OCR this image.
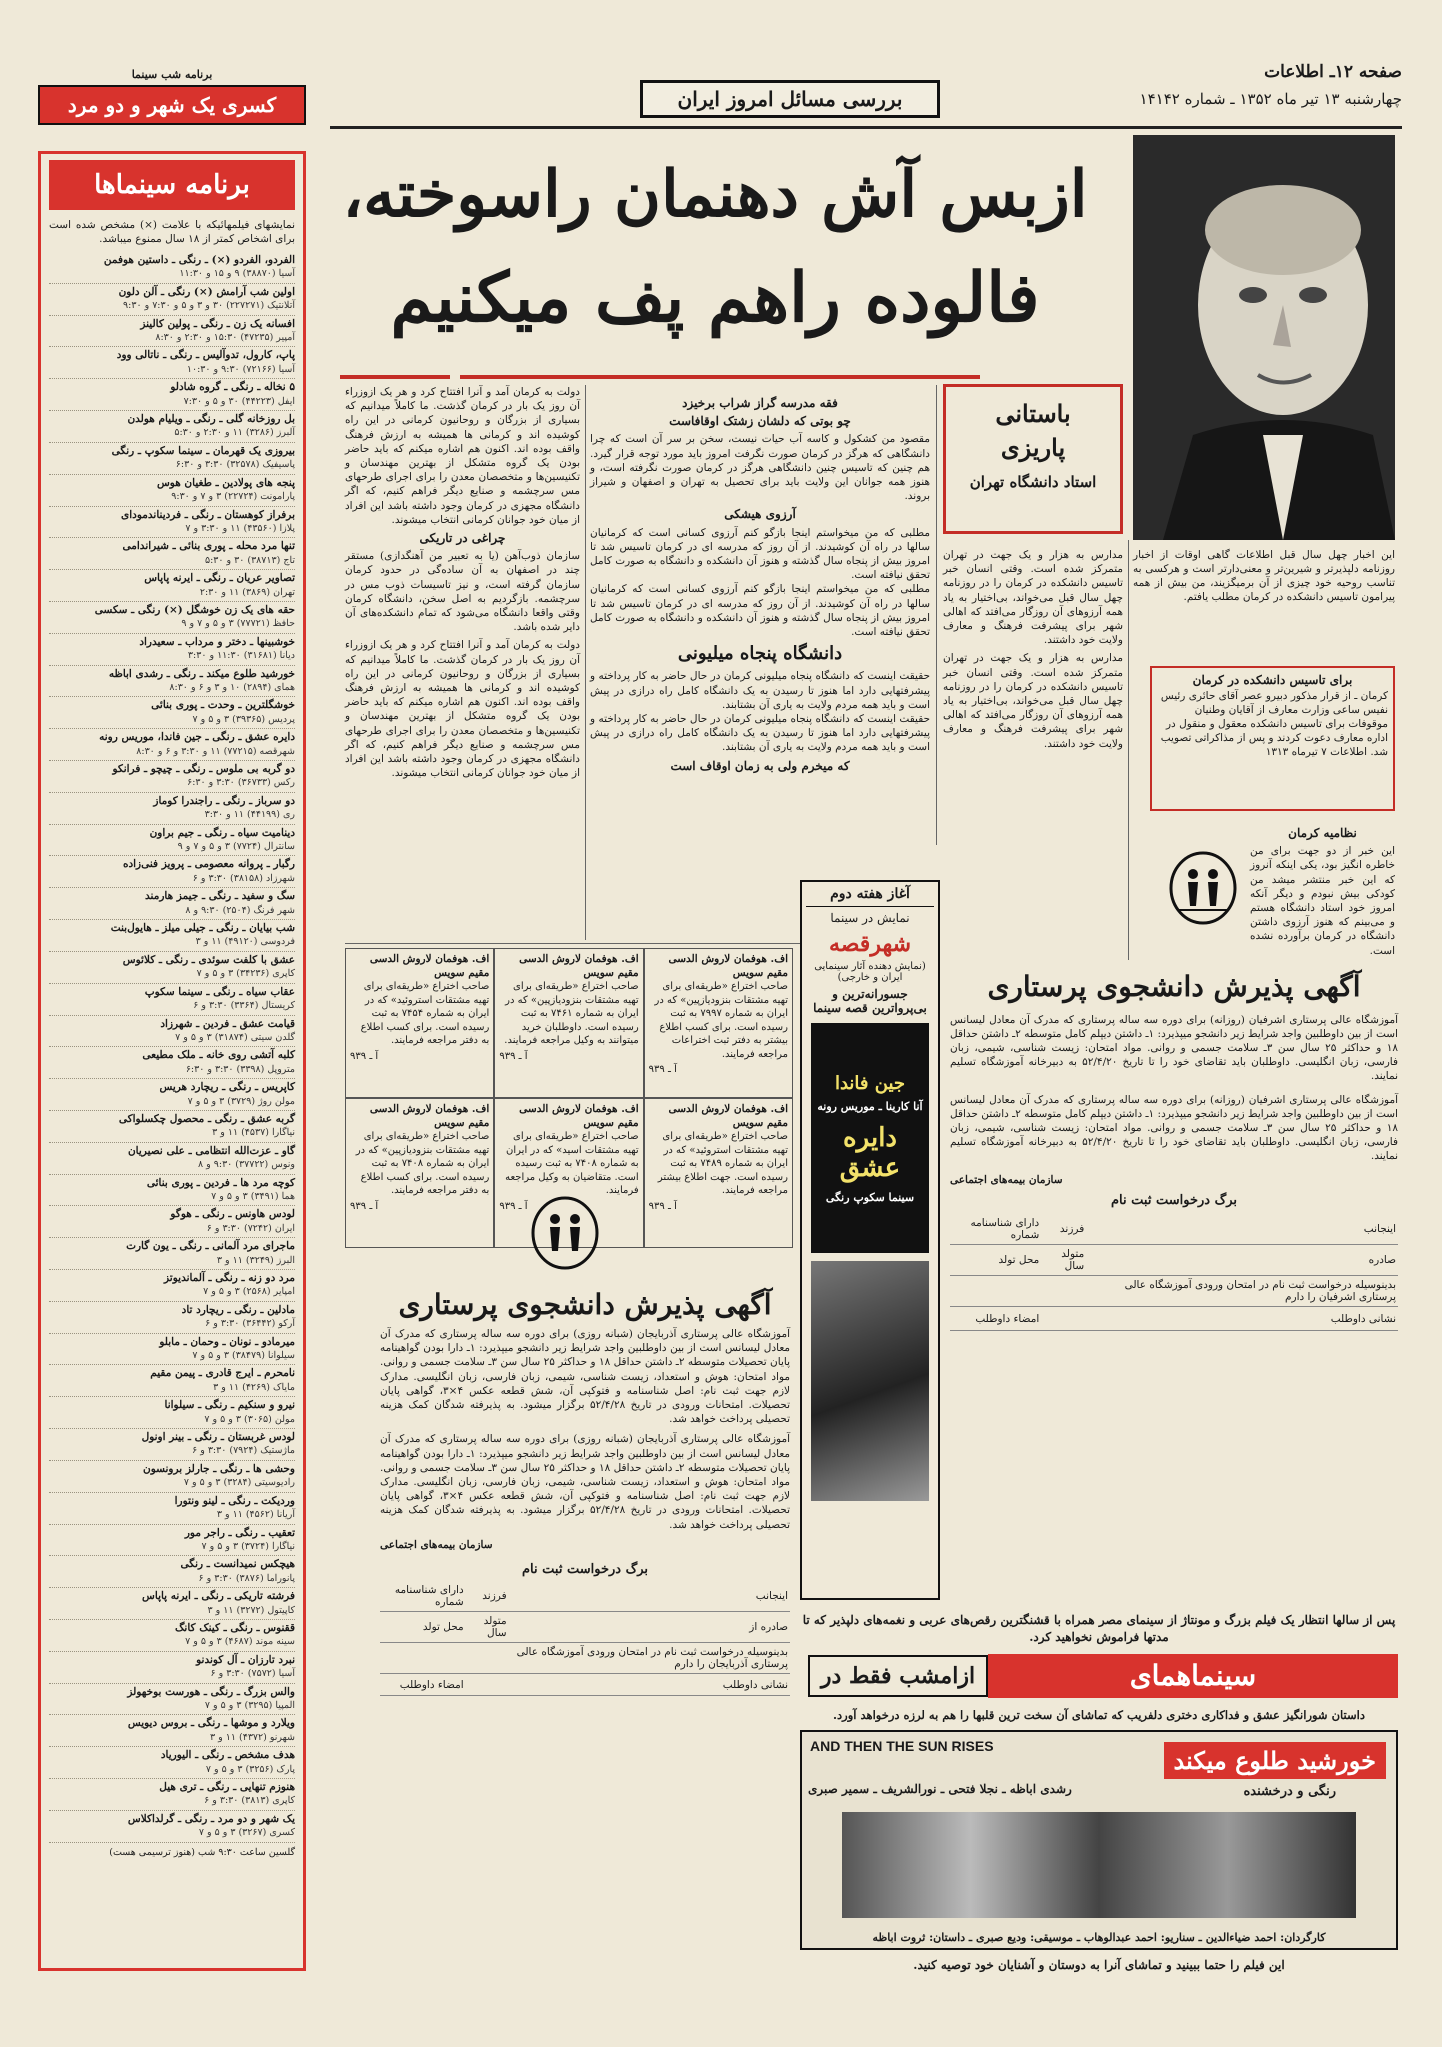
صفحه ۱۲ـ اطلاعات
چهارشنبه ۱۳ تیر ماه ۱۳۵۲ ـ شماره ۱۴۱۴۲
بررسی مسائل امروز ایران
برنامه شب سینما
کسری یک شهر و دو مرد
برنامه سینماها
نمایشهای فیلمهائیکه با علامت (×) مشخص شده است برای اشخاص کمتر از ۱۸ سال ممنوع میباشد.
الفردو، الفردو (×) ـ رنگی ـ داستین هوفمن
آسیا (۳۸۸۷۰) ۹ و ۱۵ و ۱۱:۳۰
اولین شب آرامش (×) رنگی ـ آلن دلون
آتلانتیک (۲۲۷۲۷۱) ۳۰ و ۳ و ۵ و ۷:۳۰ و ۹:۳۰
افسانه یک زن ـ رنگی ـ پولین کالینز
آمپیر (۴۷۲۳۵) ۱۵:۳۰ و ۲:۳۰ و ۸:۳۰
پاپ، کارول، تدوآلیس ـ رنگی ـ ناتالی وود
آسیا (۷۲۱۶۶) ۹:۳۰ و ۱۰:۳۰
۵ نخاله ـ رنگی ـ گروه شادلو
ایفل (۴۴۲۲۳) ۳۰ و ۵ و ۷:۳۰
بل روزخانه گلی ـ رنگی ـ ویلیام هولدن
آلبرز (۳۲۸۶) ۱۱ و ۲:۳۰ و ۵:۳۰
بیروزی یک قهرمان ـ سینما سکوپ ـ رنگی
پاسیفیک (۳۲۵۷۸) ۳:۳۰ و ۶:۳۰
پنجه های پولادین ـ طغیان هوس
پارامونت (۲۲۷۲۴) ۳ و ۷ و ۹:۳۰
برفراز کوهستان ـ رنگی ـ فردیناندمودای
پلازا (۴۳۵۶۰) ۱۱ و ۳:۳۰ و ۷
تنها مرد محله ـ پوری بنائی ـ شیراندامی
تاج (۳۸۷۱۳) ۳۰ و ۵:۳۰
تصاویر عریان ـ رنگی ـ ایرنه پاپاس
تهران (۳۸۶۹) ۱۱ و ۲:۳۰
حقه های یک زن خوشگل (×) رنگی ـ سکسی
حافظ (۷۷۷۲۱) ۳ و ۵ و ۷ و ۹
خوشبینها ـ دختر و مرداب ـ سعیدراد
دیانا (۳۱۶۸۱) ۱۱:۳۰ و ۳:۳۰
خورشید طلوع میکند ـ رنگی ـ رشدی اباظه
همای (۲۸۹۴) ۱۰ و ۳ و ۶ و ۸:۳۰
خوشگلترین ـ وحدت ـ پوری بنائی
پردیس (۳۹۳۶۵) ۳ و ۵ و ۷
دایره عشق ـ رنگی ـ جین فاندا، موریس رونه
شهرقصه (۷۷۲۱۵) ۱۱ و ۳:۳۰ و ۶ و ۸:۳۰
دو گربه بی ملوس ـ رنگی ـ چیچو ـ فرانکو
رکس (۳۶۷۳۳) ۳:۳۰ و ۶:۳۰
دو سرباز ـ رنگی ـ راجندرا کوماز
ری (۴۴۱۹۹) ۱۱ و ۳:۳۰
دینامیت سیاه ـ رنگی ـ جیم براون
سانترال (۷۷۲۴) ۳ و ۵ و ۷ و ۹
رگبار ـ پروانه معصومی ـ پرویز فنی‌زاده
شهرزاد (۳۸۱۵۸) ۳:۳۰ و ۶
سگ و سفید ـ رنگی ـ جیمز هارمند
شهر فرنگ (۲۵۰۴) ۹:۳۰ و ۸
شب بیایان ـ رنگی ـ جیلی میلز ـ هایول‌بنت
فردوسی (۴۹۱۲۰) ۱۱ و ۳
عشق با کلفت سوئدی ـ رنگی ـ کلائوس
کاپری (۳۴۲۳۶) ۳ و ۵ و ۷
عقاب سیاه ـ رنگی ـ سینما سکوپ
کریستال (۳۳۶۴) ۳:۳۰ و ۶
قیامت عشق ـ فردین ـ شهرزاد
گلدن سیتی (۳۱۸۷۴) ۳ و ۵ و ۷
کلبه آتشی روی خانه ـ ملک مطیعی
متروپل (۳۳۹۸) ۳:۳۰ و ۶:۳۰
کاپریس ـ رنگی ـ ریچارد هریس
مولن روژ (۳۷۲۹) ۳ و ۵ و ۷
گربه عشق ـ رنگی ـ محصول چکسلواکی
نیاگارا (۴۵۳۷) ۱۱ و ۳
گاو ـ عزت‌الله انتظامی ـ علی نصیریان
ونوس (۳۷۷۲۲) ۹:۳۰ و ۸
کوچه مرد ها ـ فردین ـ پوری بنائی
هما (۳۴۹۱) ۳ و ۵ و ۷
لودس هاونس ـ رنگی ـ هوگو
ایران (۷۲۴۲) ۳:۳۰ و ۶
ماجرای مرد آلمانی ـ رنگی ـ یون گارت
البرز (۳۲۴۹) ۱۱ و ۳
مرد دو زنه ـ رنگی ـ آلماندیوتز
امپایر (۲۵۶۸) ۳ و ۵ و ۷
مادلین ـ رنگی ـ ریچارد تاد
آرکو (۳۶۴۴۲) ۳:۳۰ و ۶
میرمادو ـ نونان ـ وحمان ـ مابلو
سیلوانا (۳۸۴۷۹) ۳ و ۵ و ۷
نامحرم ـ ایرج قادری ـ پیمن مقیم
مایاک (۴۲۶۹) ۱۱ و ۳
نیرو و سنکیم ـ رنگی ـ سیلوانا
مولن (۳۰۶۵) ۳ و ۵ و ۷
لودس غربستان ـ رنگی ـ بینر اونول
ماژستیک (۷۹۲۴) ۳:۳۰ و ۶
وحشی ها ـ رنگی ـ جارلز برونسون
رادیوسیتی (۳۲۸۴) ۳ و ۵ و ۷
وردیکت ـ رنگی ـ لینو ونتورا
آریانا (۴۵۶۲) ۱۱ و ۳
تعقیب ـ رنگی ـ راجر مور
نیاگارا (۳۷۲۴) ۳ و ۵ و ۷
هیچکس نمیدانست ـ رنگی
پانوراما (۳۸۷۶) ۳:۳۰ و ۶
فرشته تاریکی ـ رنگی ـ ایرنه پاپاس
کاپیتول (۳۲۷۲) ۱۱ و ۳
ققنوس ـ رنگی ـ کینک کانگ
سینه موند (۴۶۸۷) ۳ و ۵ و ۷
نبرد تارزان ـ آل کوندنو
آسیا (۷۵۷۲) ۳:۳۰ و ۶
والس بزرگ ـ رنگی ـ هورست بوخهولز
المپیا (۳۲۹۵) ۳ و ۵ و ۷
ویلارد و موشها ـ رنگی ـ بروس دیویس
شهرنو (۴۳۷۲) ۱۱ و ۳
هدف مشخص ـ رنگی ـ الیوریاد
پارک (۳۲۵۶) ۳ و ۵ و ۷
هنوزم تنهایی ـ رنگی ـ تری هیل
کاپری (۳۸۱۳) ۳:۳۰ و ۶
یک شهر و دو مرد ـ رنگی ـ گرلداکلاس
کسری (۳۲۶۷) ۳ و ۵ و ۷
گلسین ساعت ۹:۳۰ شب (هنوز ترسیمی هست)
ازبس آش دهنمان راسوخته،
فالوده راهم پف میکنیم
این اخبار چهل سال قبل اطلاعات گاهی اوقات از اخبار روزنامه دلپذیرتر و شیرین‌تر و معنی‌دارتر است و هرکسی به تناسب روحیه خود چیزی از آن برمیگزیند، من بیش از همه پیرامون تاسیس دانشکده در کرمان مطلب یافتم.
باستانی
پاریزی
استاد دانشگاه تهران
مدارس به هزار و یک جهت در تهران متمرکز شده است. وقتی انسان خبر تاسیس دانشکده در کرمان را در روزنامه چهل سال قبل می‌خواند، بی‌اختیار به یاد همه آرزوهای آن روزگار می‌افتد که اهالی شهر برای پیشرفت فرهنگ و معارف ولایت خود داشتند.
مدارس به هزار و یک جهت در تهران متمرکز شده است. وقتی انسان خبر تاسیس دانشکده در کرمان را در روزنامه چهل سال قبل می‌خواند، بی‌اختیار به یاد همه آرزوهای آن روزگار می‌افتد که اهالی شهر برای پیشرفت فرهنگ و معارف ولایت خود داشتند.
برای تاسیس دانشکده در کرمان
کرمان ـ از قرار مذکور دبیرو عصر آقای حائری رئیس نفیس ساعی وزارت معارف از آقایان وطنیان موقوفات برای تاسیس دانشکده معقول و منقول در اداره معارف دعوت کردند و پس از مذاکراتی تصویب شد. اطلاعات ۷ تیرماه ۱۳۱۳
نظامیه کرمان
این خبر از دو جهت برای من خاطره انگیز بود، یکی اینکه آنروز که این خبر منتشر میشد من کودکی بیش نبودم و دیگر آنکه امروز خود استاد دانشگاه هستم و می‌بینم که هنوز آرزوی داشتن دانشگاه در کرمان برآورده نشده است.
فقه مدرسه گراز شراب برخیزد
چو بوتی که دلشان زشتک اوقافاست
مقصود من کشکول و کاسه آب حیات نیست، سخن بر سر آن است که چرا دانشگاهی که هرگز در کرمان صورت نگرفت امروز باید مورد توجه قرار گیرد. هم چنین که تاسیس چنین دانشگاهی هرگز در کرمان صورت نگرفته است، و هنوز همه جوانان این ولایت باید برای تحصیل به تهران و اصفهان و شیراز بروند.
آرزوی هیشکی
مطلبی که من میخواستم اینجا بازگو کنم آرزوی کسانی است که کرمانیان سالها در راه آن کوشیدند. از آن روز که مدرسه ای در کرمان تاسیس شد تا امروز بیش از پنجاه سال گذشته و هنوز آن دانشکده و دانشگاه به صورت کامل تحقق نیافته است.
مطلبی که من میخواستم اینجا بازگو کنم آرزوی کسانی است که کرمانیان سالها در راه آن کوشیدند. از آن روز که مدرسه ای در کرمان تاسیس شد تا امروز بیش از پنجاه سال گذشته و هنوز آن دانشکده و دانشگاه به صورت کامل تحقق نیافته است.
دانشگاه پنجاه میلیونی
حقیقت اینست که دانشگاه پنجاه میلیونی کرمان در حال حاضر به کار پرداخته و پیشرفتهایی دارد اما هنوز تا رسیدن به یک دانشگاه کامل راه درازی در پیش است و باید همه مردم ولایت به یاری آن بشتابند.
حقیقت اینست که دانشگاه پنجاه میلیونی کرمان در حال حاضر به کار پرداخته و پیشرفتهایی دارد اما هنوز تا رسیدن به یک دانشگاه کامل راه درازی در پیش است و باید همه مردم ولایت به یاری آن بشتابند.
که میخرم ولی به زمان اوقاف است
دولت به کرمان آمد و آنرا افتتاح کرد و هر یک ازوزراء آن روز یک بار در کرمان گذشت. ما کاملاً میدانیم که بسیاری از بزرگان و روحانیون کرمانی در این راه کوشیده اند و کرمانی ها همیشه به ارزش فرهنگ واقف بوده اند. اکنون هم اشاره میکنم که باید حاضر بودن یک گروه متشکل از بهترین مهندسان و تکنیسین‌ها و متخصصان معدن را برای اجرای طرحهای مس سرچشمه و صنایع دیگر فراهم کنیم، که اگر دانشگاه مجهزی در کرمان وجود داشته باشد این افراد از میان خود جوانان کرمانی انتخاب میشوند.
چراغی در تاریکی
سازمان ذوب‌آهن (یا به تعبیر من آهنگدازی) مستقر چند در اصفهان به آن ساده‌گی در حدود کرمان سازمان گرفته است، و نیز تاسیسات ذوب مس در سرچشمه. بازگردیم به اصل سخن، دانشگاه کرمان وقتی واقعا دانشگاه می‌شود که تمام دانشکده‌های آن دایر شده باشد.
دولت به کرمان آمد و آنرا افتتاح کرد و هر یک ازوزراء آن روز یک بار در کرمان گذشت. ما کاملاً میدانیم که بسیاری از بزرگان و روحانیون کرمانی در این راه کوشیده اند و کرمانی ها همیشه به ارزش فرهنگ واقف بوده اند. اکنون هم اشاره میکنم که باید حاضر بودن یک گروه متشکل از بهترین مهندسان و تکنیسین‌ها و متخصصان معدن را برای اجرای طرحهای مس سرچشمه و صنایع دیگر فراهم کنیم، که اگر دانشگاه مجهزی در کرمان وجود داشته باشد این افراد از میان خود جوانان کرمانی انتخاب میشوند.
اف. هوفمان لاروش الدسی مقیم سویس
صاحب اختراع «طریقه‌ای برای تهیه مشتقات بنزودیازپین» که در ایران به شماره ۷۹۹۷ به ثبت رسیده است. برای کسب اطلاع بیشتر به دفتر ثبت اختراعات مراجعه فرمایند.
آ ـ ۹۳۹
اف. هوفمان لاروش الدسی مقیم سویس
صاحب اختراع «طریقه‌ای برای تهیه مشتقات بنزودیازپین» که در ایران به شماره ۷۴۶۱ به ثبت رسیده است. داوطلبان خرید میتوانند به وکیل مراجعه فرمایند.
آ ـ ۹۳۹
اف. هوفمان لاروش الدسی مقیم سویس
صاحب اختراع «طریقه‌ای برای تهیه مشتقات استروئید» که در ایران به شماره ۷۴۵۴ به ثبت رسیده است. برای کسب اطلاع به دفتر مراجعه فرمایند.
آ ـ ۹۳۹
اف. هوفمان لاروش الدسی مقیم سویس
صاحب اختراع «طریقه‌ای برای تهیه مشتقات استروئید» که در ایران به شماره ۷۴۸۹ به ثبت رسیده است. جهت اطلاع بیشتر مراجعه فرمایند.
آ ـ ۹۳۹
اف. هوفمان لاروش الدسی مقیم سویس
صاحب اختراع «طریقه‌ای برای تهیه مشتقات اسید» که در ایران به شماره ۷۴۰۸ به ثبت رسیده است. متقاضیان به وکیل مراجعه فرمایند.
آ ـ ۹۳۹
اف. هوفمان لاروش الدسی مقیم سویس
صاحب اختراع «طریقه‌ای برای تهیه مشتقات بنزودیازپین» که در ایران به شماره ۷۴۰۸ به ثبت رسیده است. برای کسب اطلاع به دفتر مراجعه فرمایند.
آ ـ ۹۳۹
آغاز هفته دوم
نمایش در سینما
شهرقصه
(نمایش دهنده آثار سینمایی ایران و خارجی)
جسورانه‌ترین و بی‌پرواترین قصه سینما
جین فاندا
آنا کارینا ـ موریس رونه
دایره عشق
سینما سکوپ رنگی
آگهی پذیرش دانشجوی پرستاری
آموزشگاه عالی پرستاری اشرفیان (روزانه) برای دوره سه ساله پرستاری که مدرک آن معادل لیسانس است از بین داوطلبین واجد شرایط زیر دانشجو میپذیرد: ۱ـ داشتن دیپلم کامل متوسطه ۲ـ داشتن حداقل ۱۸ و حداکثر ۲۵ سال سن ۳ـ سلامت جسمی و روانی. مواد امتحان: زیست شناسی، شیمی، زبان فارسی، زبان انگلیسی. داوطلبان باید تقاضای خود را تا تاریخ ۵۲/۴/۲۰ به دبیرخانه آموزشگاه تسلیم نمایند.
آموزشگاه عالی پرستاری اشرفیان (روزانه) برای دوره سه ساله پرستاری که مدرک آن معادل لیسانس است از بین داوطلبین واجد شرایط زیر دانشجو میپذیرد: ۱ـ داشتن دیپلم کامل متوسطه ۲ـ داشتن حداقل ۱۸ و حداکثر ۲۵ سال سن ۳ـ سلامت جسمی و روانی. مواد امتحان: زیست شناسی، شیمی، زبان فارسی، زبان انگلیسی. داوطلبان باید تقاضای خود را تا تاریخ ۵۲/۴/۲۰ به دبیرخانه آموزشگاه تسلیم نمایند.
سازمان بیمه‌های اجتماعی
برگ درخواست ثبت نام
اینجانب	فرزند	دارای شناسنامه شماره
صادره	متولد سال	محل تولد
بدینوسیله درخواست ثبت نام در امتحان ورودی آموزشگاه عالی پرستاری اشرفیان را دارم		
نشانی داوطلب		امضاء داوطلب
آگهی پذیرش دانشجوی پرستاری
آموزشگاه عالی پرستاری آذربایجان (شبانه روزی) برای دوره سه ساله پرستاری که مدرک آن معادل لیسانس است از بین داوطلبین واجد شرایط زیر دانشجو میپذیرد: ۱ـ دارا بودن گواهینامه پایان تحصیلات متوسطه ۲ـ داشتن حداقل ۱۸ و حداکثر ۲۵ سال سن ۳ـ سلامت جسمی و روانی. مواد امتحان: هوش و استعداد، زیست شناسی، شیمی، زبان فارسی، زبان انگلیسی. مدارک لازم جهت ثبت نام: اصل شناسنامه و فتوکپی آن، شش قطعه عکس ۴×۳، گواهی پایان تحصیلات. امتحانات ورودی در تاریخ ۵۲/۴/۲۸ برگزار میشود. به پذیرفته شدگان کمک هزینه تحصیلی پرداخت خواهد شد.
آموزشگاه عالی پرستاری آذربایجان (شبانه روزی) برای دوره سه ساله پرستاری که مدرک آن معادل لیسانس است از بین داوطلبین واجد شرایط زیر دانشجو میپذیرد: ۱ـ دارا بودن گواهینامه پایان تحصیلات متوسطه ۲ـ داشتن حداقل ۱۸ و حداکثر ۲۵ سال سن ۳ـ سلامت جسمی و روانی. مواد امتحان: هوش و استعداد، زیست شناسی، شیمی، زبان فارسی، زبان انگلیسی. مدارک لازم جهت ثبت نام: اصل شناسنامه و فتوکپی آن، شش قطعه عکس ۴×۳، گواهی پایان تحصیلات. امتحانات ورودی در تاریخ ۵۲/۴/۲۸ برگزار میشود. به پذیرفته شدگان کمک هزینه تحصیلی پرداخت خواهد شد.
سازمان بیمه‌های اجتماعی
برگ درخواست ثبت نام
اینجانب	فرزند	دارای شناسنامه شماره
صادره از	متولد سال	محل تولد
بدینوسیله درخواست ثبت نام در امتحان ورودی آموزشگاه عالی پرستاری آذربایجان را دارم		
نشانی داوطلب		امضاء داوطلب
پس از سالها انتظار یک فیلم بزرگ و مونتاژ از سینمای مصر همراه با قشنگترین رقص‌های عربی و نغمه‌های دلپذیر که تا مدتها فراموش نخواهید کرد.
سینماهمای
ازامشب فقط در
داستان شورانگیز عشق و فداکاری دختری دلفریب که تماشای آن سخت ترین قلبها را هم به لرزه درخواهد آورد.
AND THEN THE SUN RISES	خورشید طلوع میکند
رنگی و درخشنده
رشدی اباظه ـ نجلا فتحی ـ نورالشریف ـ سمیر صبری
کارگردان: احمد ضیاءالدین ـ سناریو: احمد عبدالوهاب ـ موسیقی: ودیع صبری ـ داستان: ثروت اباظه
این فیلم را حتما ببینید و تماشای آنرا به دوستان و آشنایان خود توصیه کنید.
